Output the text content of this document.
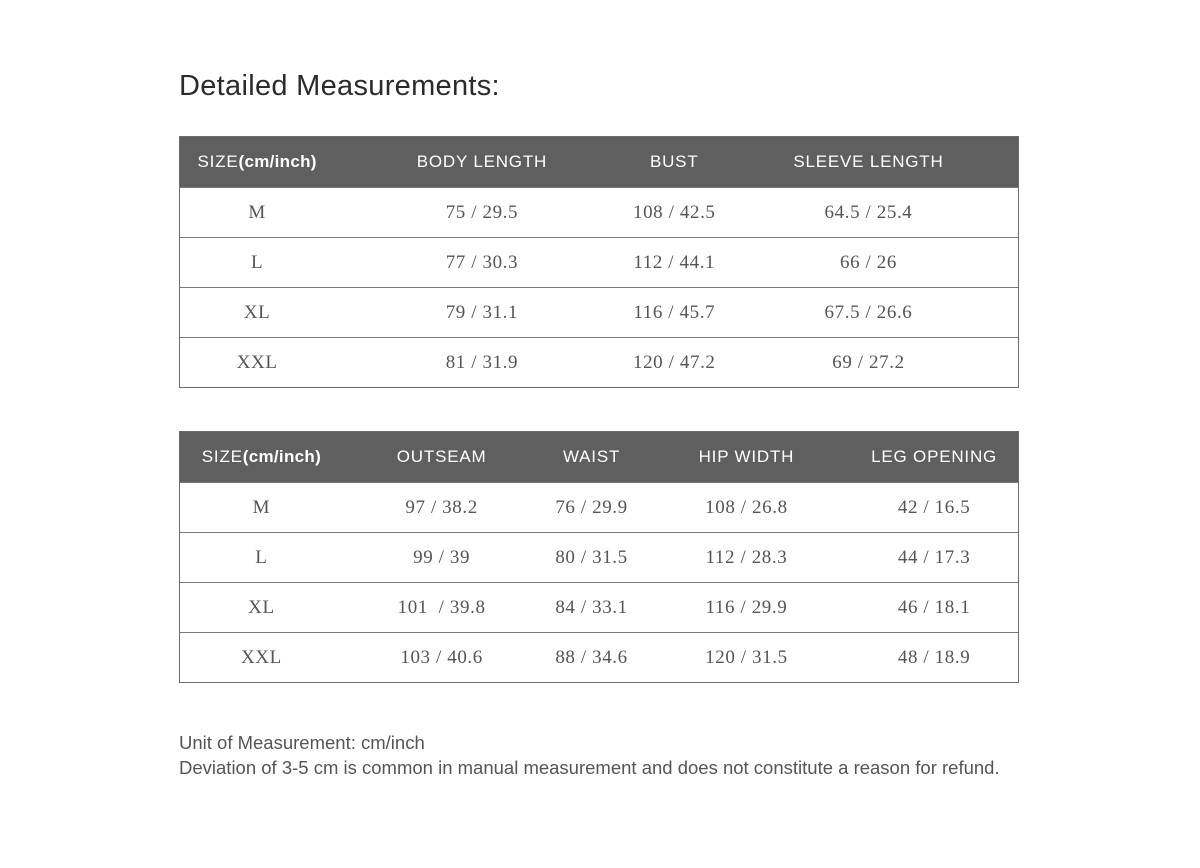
Detailed Measurements:
SIZE(cm/inch)	BODY LENGTH	BUST	SLEEVE LENGTH
M	75 / 29.5	108 / 42.5	64.5 / 25.4
L	77 / 30.3	112 / 44.1	66 / 26
XL	79 / 31.1	116 / 45.7	67.5 / 26.6
XXL	81 / 31.9	120 / 47.2	69 / 27.2
SIZE(cm/inch)	OUTSEAM	WAIST	HIP WIDTH	LEG OPENING
M	97 / 38.2	76 / 29.9	108 / 26.8	42 / 16.5
L	99 / 39	80 / 31.5	112 / 28.3	44 / 17.3
XL	101  / 39.8	84 / 33.1	116 / 29.9	46 / 18.1
XXL	103 / 40.6	88 / 34.6	120 / 31.5	48 / 18.9
Unit of Measurement: cm/inch
Deviation of 3-5 cm is common in manual measurement and does not constitute a reason for refund.
